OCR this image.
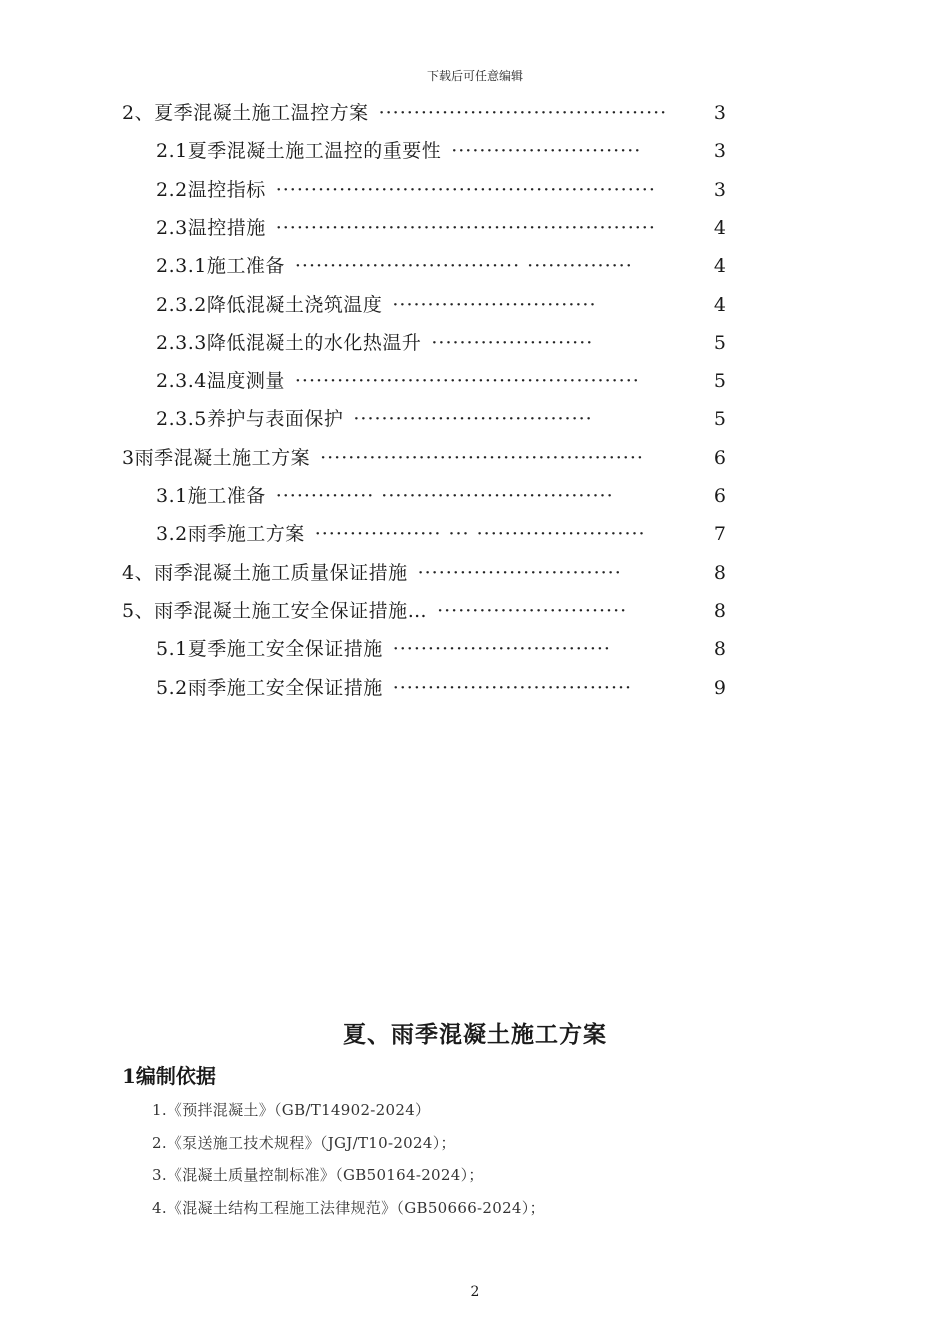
下载后可任意编辑
2、夏季混凝土施工温控方案 ·········································	3
2.1夏季混凝土施工温控的重要性 ···························	3
2.2温控指标 ······················································	3
2.3温控措施 ······················································	4
2.3.1施工准备 ································ ···············	4
2.3.2降低混凝土浇筑温度 ·····························	4
2.3.3降低混凝土的水化热温升 ·······················	5
2.3.4温度测量 ·················································	5
2.3.5养护与表面保护 ··································	5
3雨季混凝土施工方案 ··············································	6
3.1施工准备 ·············· ·································	6
3.2雨季施工方案 ·················· ··· ························	7
4、雨季混凝土施工质量保证措施 ·····························	8
5、雨季混凝土施工安全保证措施… ···························	8
5.1夏季施工安全保证措施 ·······························	8
5.2雨季施工安全保证措施 ··································	9
夏、雨季混凝土施工方案
1编制依据
1.《预拌混凝土》（GB/T14902-2024）
2.《泵送施工技术规程》（JGJ/T10-2024）；
3.《混凝土质量控制标准》（GB50164-2024）；
4.《混凝土结构工程施工法律规范》（GB50666-2024）；
2
